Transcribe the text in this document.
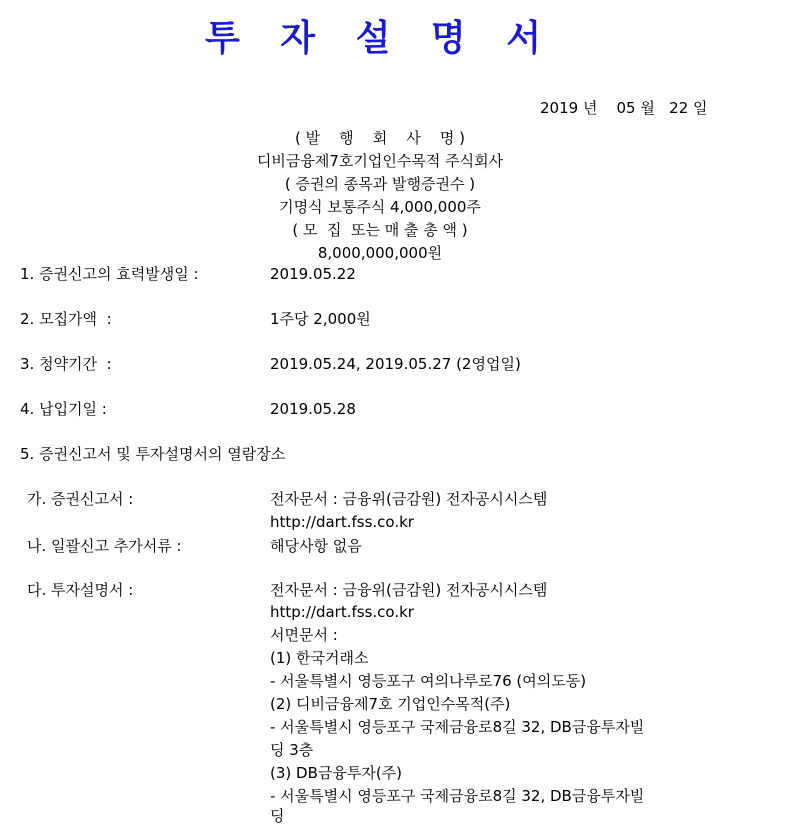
투 자 설 명 서
2019 년    05 월   22 일
( 발    행    회    사    명 )
디비금융제7호기업인수목적 주식회사
( 증권의 종목과 발행증권수 )
기명식 보통주식 4,000,000주
( 모  집  또는 매 출 총 액 )
8,000,000,000원
1. 증권신고의 효력발생일 :	2019.05.22
2. 모집가액  :	1주당 2,000원
3. 청약기간  :	2019.05.24, 2019.05.27 (2영업일)
4. 납입기일 :	2019.05.28
5. 증권신고서 및 투자설명서의 열람장소
가. 증권신고서 :	전자문서 : 금융위(금감원) 전자공시시스템
http://dart.fss.co.kr
나. 일괄신고 추가서류 :	해당사항 없음
다. 투자설명서 :	전자문서 : 금융위(금감원) 전자공시시스템
http://dart.fss.co.kr
서면문서 :
(1) 한국거래소
- 서울특별시 영등포구 여의나루로76 (여의도동)
(2) 디비금융제7호 기업인수목적(주)
- 서울특별시 영등포구 국제금융로8길 32, DB금융투자빌
딩 3층
(3) DB금융투자(주)
- 서울특별시 영등포구 국제금융로8길 32, DB금융투자빌
딩
